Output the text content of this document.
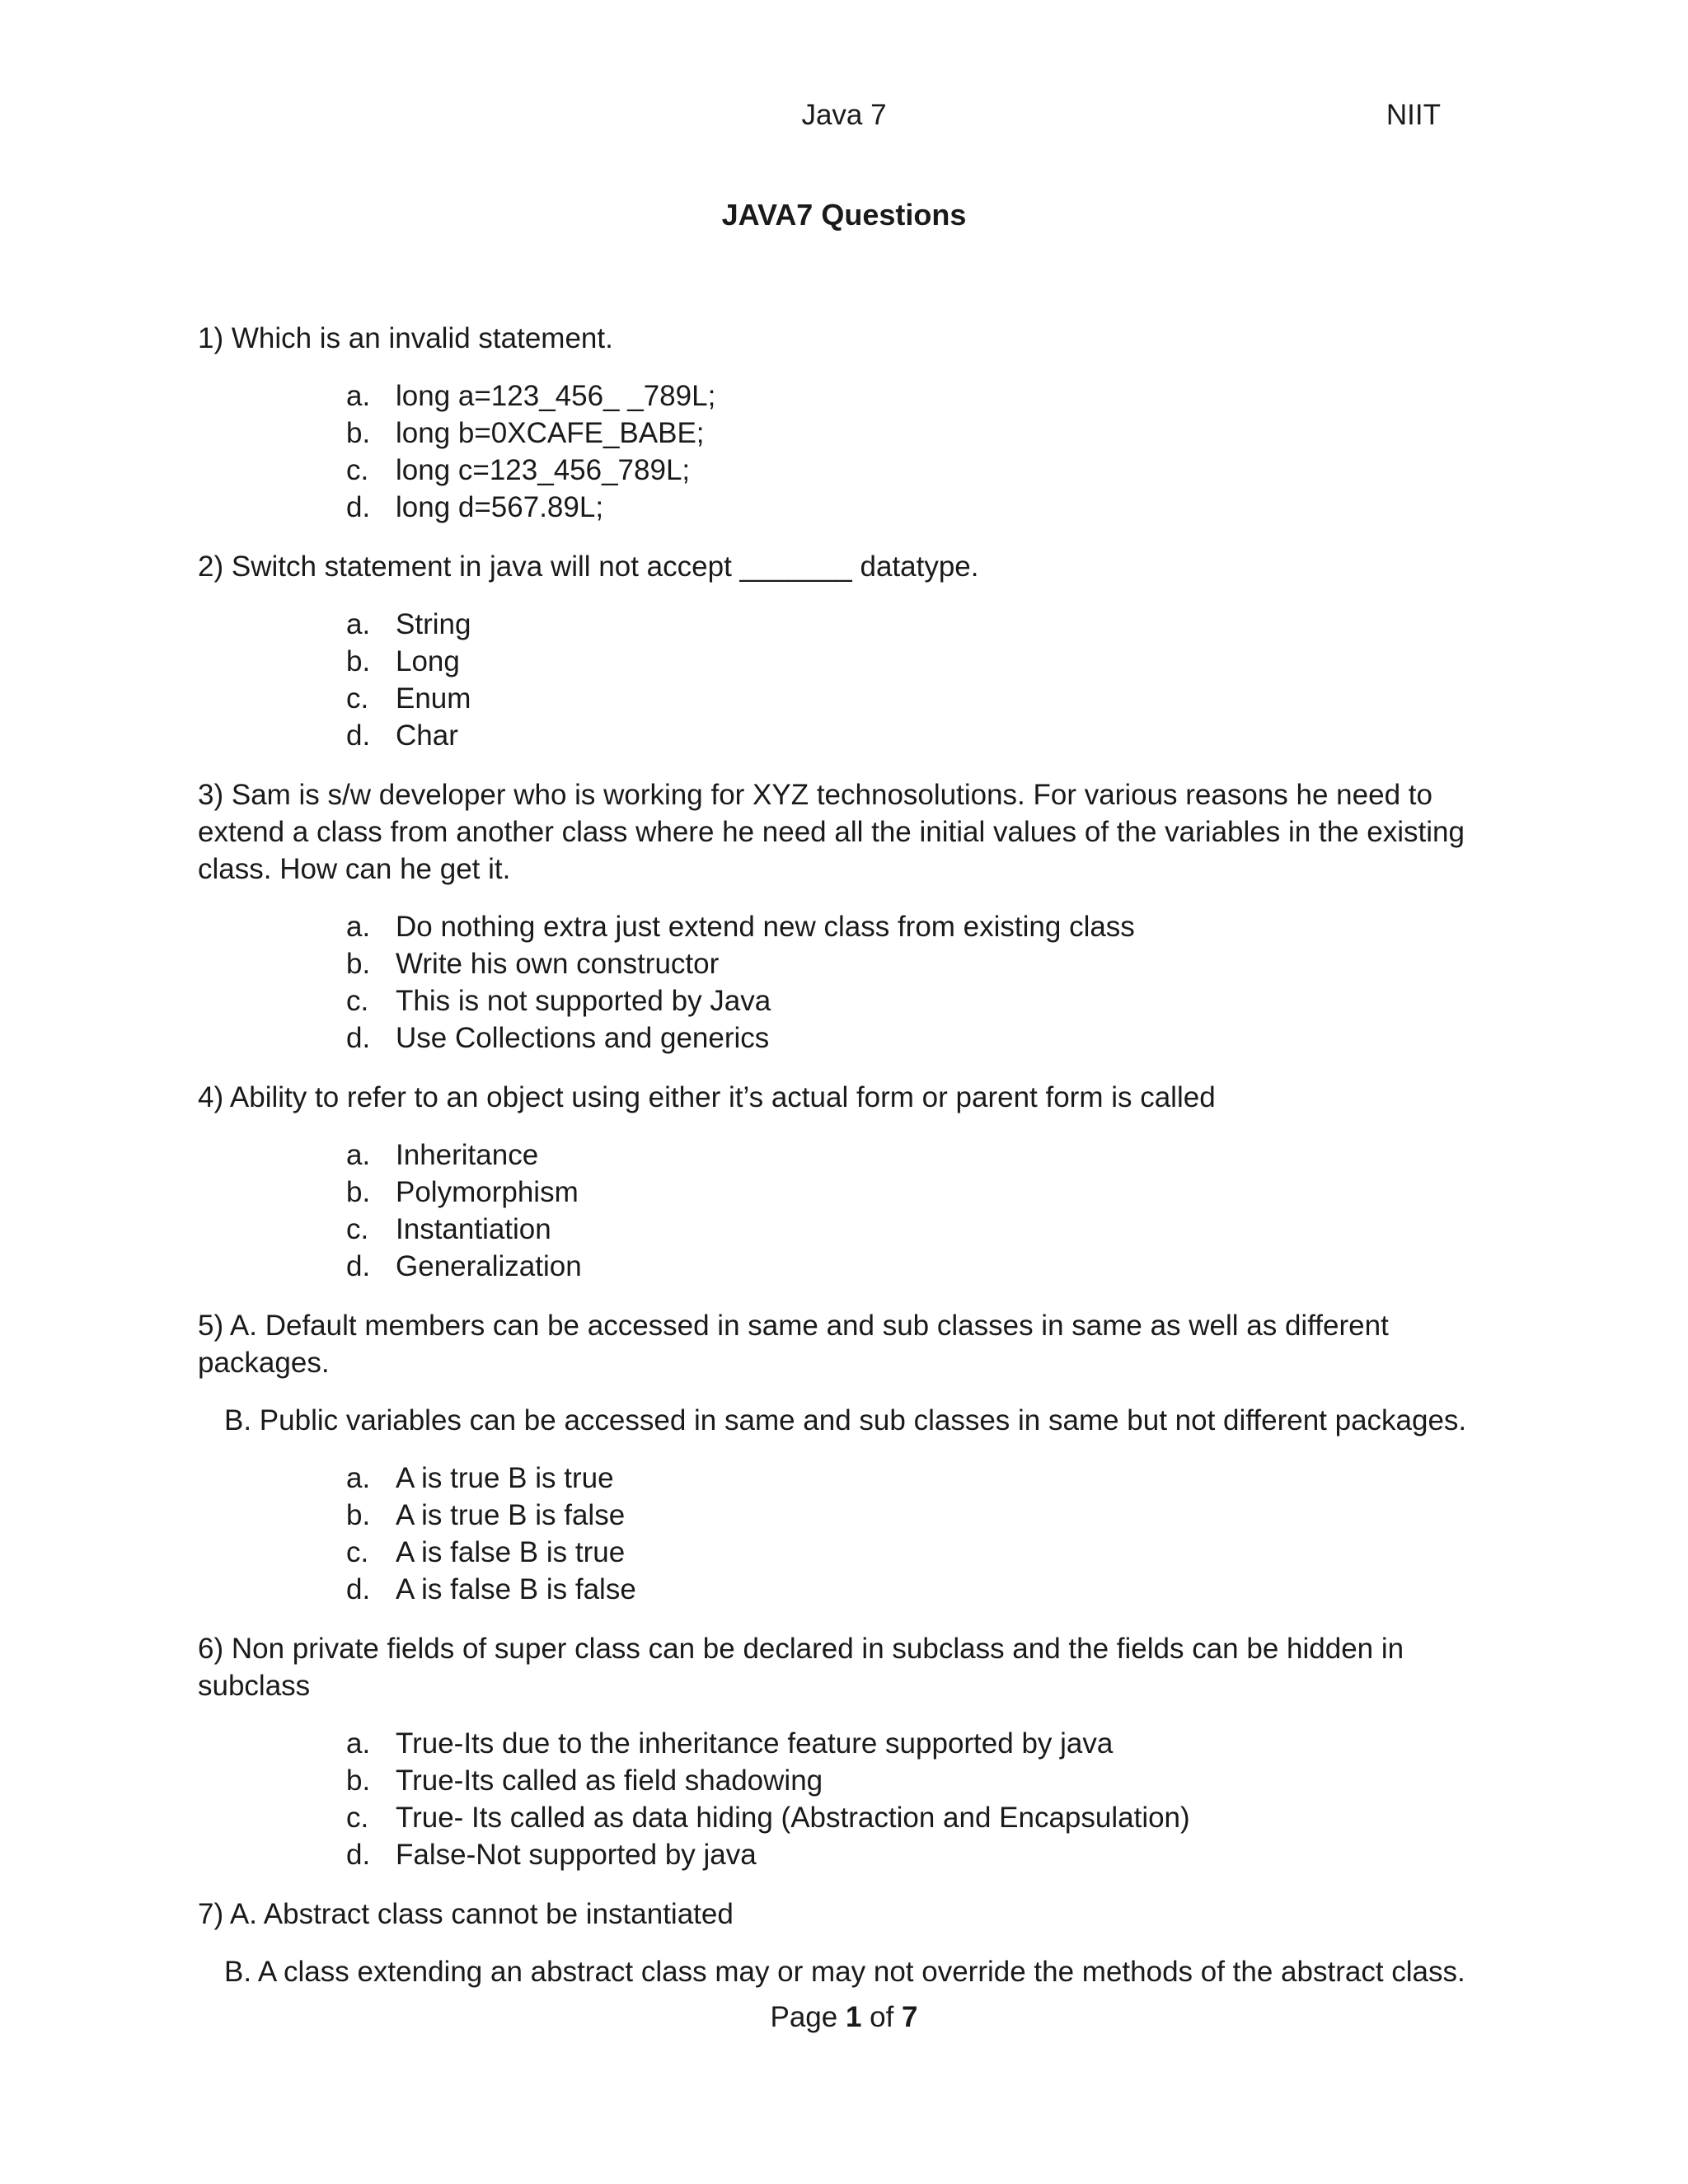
Java 7	NIIT
JAVA7 Questions
1) Which is an invalid statement.
a. long a=123_456_ _789L;
b. long b=0XCAFE_BABE;
c. long c=123_456_789L;
d. long d=567.89L;
2) Switch statement in java will not accept _______ datatype.
a. String
b. Long
c. Enum
d. Char
3) Sam is s/w developer who is working for XYZ technosolutions. For various reasons he need to extend a class from another class where he need all the initial values of the variables in the existing class. How can he get it.
a. Do nothing extra just extend new class from existing class
b. Write his own constructor
c. This is not supported by Java
d. Use Collections and generics
4) Ability to refer to an object using either it’s actual form or parent form is called
a. Inheritance
b. Polymorphism
c. Instantiation
d. Generalization
5) A. Default members can be accessed in same and sub classes in same as well as different packages.
B. Public variables can be accessed in same and sub classes in same but not different packages.
a. A is true B is true
b. A is true B is false
c. A is false B is true
d. A is false B is false
6) Non private fields of super class can be declared in subclass and the fields can be hidden in subclass
a. True-Its due to the inheritance feature supported by java
b. True-Its called as field shadowing
c. True- Its called as data hiding (Abstraction and Encapsulation)
d. False-Not supported by java
7) A. Abstract class cannot be instantiated
B. A class extending an abstract class may or may not override the methods of the abstract class.
Page 1 of 7
